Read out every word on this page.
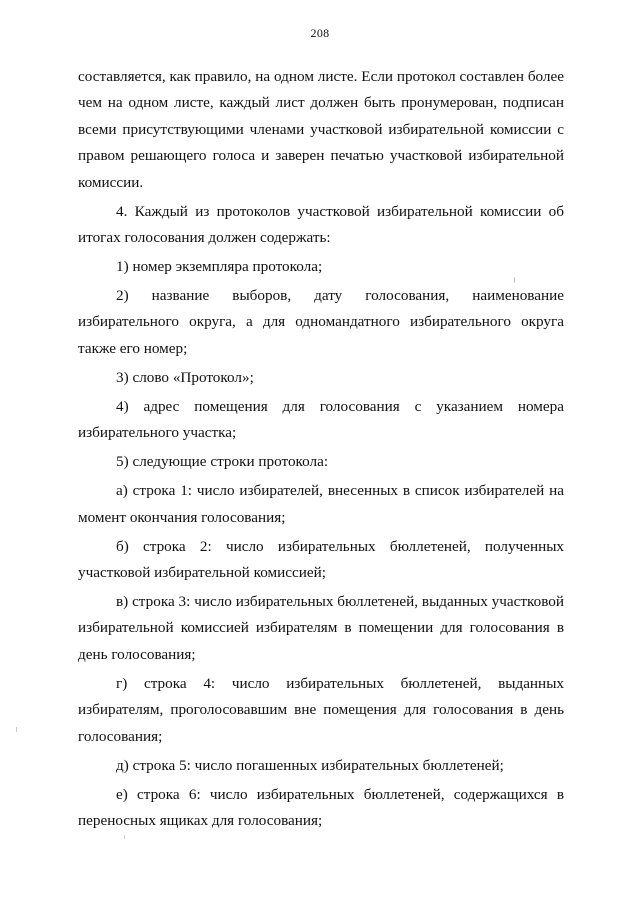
208

составляется, как правило, на одном листе. Если протокол составлен более чем на одном листе, каждый лист должен быть пронумерован, подписан всеми присутствующими членами участковой избирательной комиссии с правом решающего голоса и заверен печатью участковой избирательной комиссии.

4. Каждый из протоколов участковой избирательной комиссии об итогах голосования должен содержать:

1) номер экземпляра протокола;

2) название выборов, дату голосования, наименование избирательного округа, а для одномандатного избирательного округа также его номер;

3) слово «Протокол»;

4) адрес помещения для голосования с указанием номера избирательного участка;

5) следующие строки протокола:

а) строка 1: число избирателей, внесенных в список избирателей на момент окончания голосования;

б) строка 2: число избирательных бюллетеней, полученных участковой избирательной комиссией;

в) строка 3: число избирательных бюллетеней, выданных участковой избирательной комиссией избирателям в помещении для голосования в день голосования;

г) строка 4: число избирательных бюллетеней, выданных избирателям, проголосовавшим вне помещения для голосования в день голосования;

д) строка 5: число погашенных избирательных бюллетеней;

е) строка 6: число избирательных бюллетеней, содержащихся в переносных ящиках для голосования;
